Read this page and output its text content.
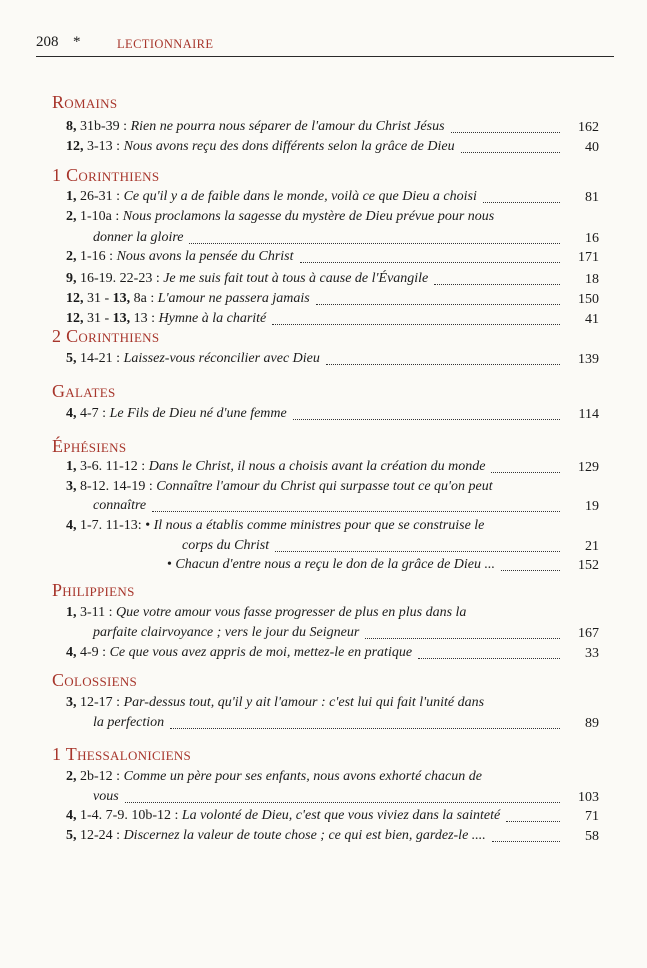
208 *	LECTIONNAIRE
Romains
8, 31b-39 : Rien ne pourra nous séparer de l'amour du Christ Jésus	162
12, 3-13 : Nous avons reçu des dons différents selon la grâce de Dieu	40
1 Corinthiens
1, 26-31 : Ce qu'il y a de faible dans le monde, voilà ce que Dieu a choisi	81
2, 1-10a : Nous proclamons la sagesse du mystère de Dieu prévue pour nous
donner la gloire	16
2, 1-16 : Nous avons la pensée du Christ	171
9, 16-19. 22-23 : Je me suis fait tout à tous à cause de l'Évangile	18
12, 31 - 13, 8a : L'amour ne passera jamais	150
12, 31 - 13, 13 : Hymne à la charité	41
2 Corinthiens
5, 14-21 : Laissez-vous réconcilier avec Dieu	139
Galates
4, 4-7 : Le Fils de Dieu né d'une femme	114
Éphésiens
1, 3-6. 11-12 : Dans le Christ, il nous a choisis avant la création du monde	129
3, 8-12. 14-19 : Connaître l'amour du Christ qui surpasse tout ce qu'on peut
connaître	19
4, 1-7. 11-13: • Il nous a établis comme ministres pour que se construise le
corps du Christ	21
• Chacun d'entre nous a reçu le don de la grâce de Dieu ...	152
Philippiens
1, 3-11 : Que votre amour vous fasse progresser de plus en plus dans la
parfaite clairvoyance ; vers le jour du Seigneur	167
4, 4-9 : Ce que vous avez appris de moi, mettez-le en pratique	33
Colossiens
3, 12-17 : Par-dessus tout, qu'il y ait l'amour : c'est lui qui fait l'unité dans
la perfection	89
1 Thessaloniciens
2, 2b-12 : Comme un père pour ses enfants, nous avons exhorté chacun de
vous	103
4, 1-4. 7-9. 10b-12 : La volonté de Dieu, c'est que vous viviez dans la sainteté	71
5, 12-24 : Discernez la valeur de toute chose ; ce qui est bien, gardez-le ....	58
